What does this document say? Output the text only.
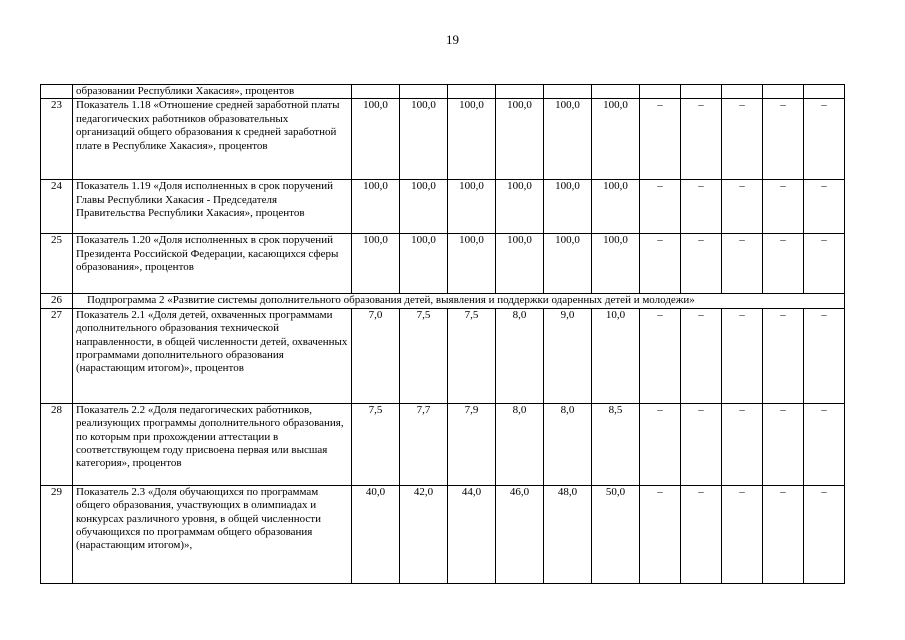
19
	образовании Республики Хакасия», процентов											
23	Показатель 1.18 «Отношение средней заработной платы педагогических работников образовательных организаций общего образования к средней заработной плате в Республике Хакасия», процентов	100,0	100,0	100,0	100,0	100,0	100,0	–	–	–	–	–
24	Показатель 1.19 «Доля исполненных в срок поручений Главы Республики Хакасия - Председателя Правительства Республики Хакасия», процентов	100,0	100,0	100,0	100,0	100,0	100,0	–	–	–	–	–
25	Показатель 1.20 «Доля исполненных в срок поручений Президента Российской Федерации, касающихся сферы образования», процентов	100,0	100,0	100,0	100,0	100,0	100,0	–	–	–	–	–
26	Подпрограмма 2 «Развитие системы дополнительного образования детей, выявления и поддержки одаренных детей и молодежи»											
27	Показатель 2.1 «Доля детей, охваченных программами дополнительного образования технической направленности, в общей численности детей, охваченных программами дополнительного образования (нарастающим итогом)», процентов	7,0	7,5	7,5	8,0	9,0	10,0	–	–	–	–	–
28	Показатель 2.2 «Доля педагогических работников, реализующих программы дополнительного образования, по которым при прохождении аттестации в соответствующем году присвоена первая или высшая категория», процентов	7,5	7,7	7,9	8,0	8,0	8,5	–	–	–	–	–
29	Показатель 2.3 «Доля обучающихся по программам общего образования, участвующих в олимпиадах и конкурсах различного уровня, в общей численности обучающихся по программам общего образования (нарастающим итогом)»,	40,0	42,0	44,0	46,0	48,0	50,0	–	–	–	–	–
